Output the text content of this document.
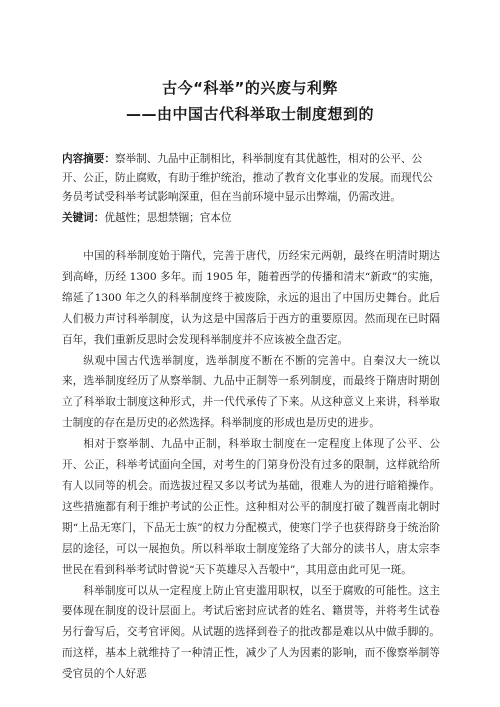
古今“科举”的兴废与利弊
——由中国古代科举取士制度想到的

内容摘要：察举制、九品中正制相比，科举制度有其优越性，相对的公平、公开、公正，防止腐败，有助于维护统治，推动了教育文化事业的发展。而现代公务员考试受科举考试影响深重，但在当前环境中显示出弊端，仍需改进。

关键词：优越性；思想禁锢；官本位

中国的科举制度始于隋代，完善于唐代，历经宋元两朝，最终在明清时期达到高峰，历经 1300 多年。而 1905 年，随着西学的传播和清末“新政”的实施，绵延了1300 年之久的科举制度终于被废除，永远的退出了中国历史舞台。此后人们极力声讨科举制度，认为这是中国落后于西方的重要原因。然而现在已时隔百年，我们重新反思时会发现科举制度并不应该被全盘否定。

纵观中国古代选举制度，选举制度不断在不断的完善中。自秦汉大一统以来，选举制度经历了从察举制、九品中正制等一系列制度，而最终于隋唐时期创立了科举取士制度这种形式，并一代代承传了下来。从这种意义上来讲，科举取士制度的存在是历史的必然选择。科举制度的形成也是历史的进步。

相对于察举制、九品中正制，科举取士制度在一定程度上体现了公平、公开、公正，科举考试面向全国，对考生的门第身份没有过多的限制，这样就给所有人以同等的机会。而选拔过程又多以考试为基础，很难人为的进行暗箱操作。这些措施都有利于维护考试的公正性。这种相对公平的制度打破了魏晋南北朝时期“上品无寒门，下品无士族”的权力分配模式，使寒门学子也获得跻身于统治阶层的途径，可以一展抱负。所以科举取士制度笼络了大部分的读书人，唐太宗李世民在看到科举考试时曾说“天下英雄尽入吾彀中”，其用意由此可见一斑。

科举制度可以从一定程度上防止官吏滥用职权，以至于腐败的可能性。这主要体现在制度的设计层面上。考试后密封应试者的姓名、籍贯等，并将考生试卷另行誊写后，交考官评阅。从试题的选择到卷子的批改都是难以从中做手脚的。而这样，基本上就维持了一种清正性，减少了人为因素的影响，而不像察举制等受官员的个人好恶
